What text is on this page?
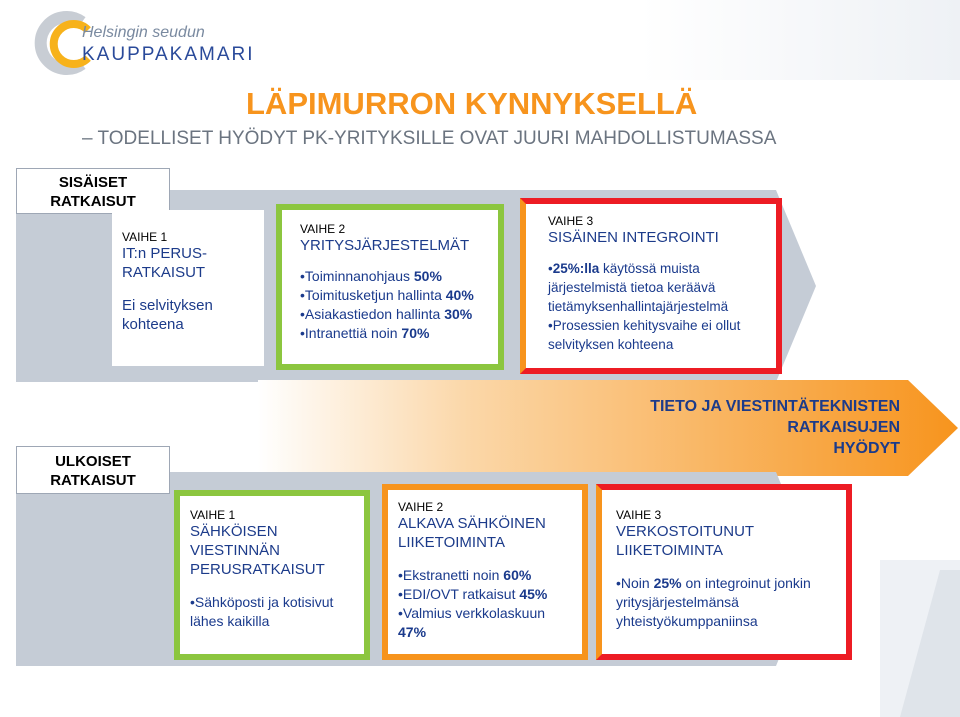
Helsingin seudun
KAUPPAKAMARI
LÄPIMURRON KYNNYKSELLÄ
– TODELLISET HYÖDYT PK-YRITYKSILLE OVAT JUURI MAHDOLLISTUMASSA
SISÄISET
RATKAISUT
VAIHE 1
IT:n PERUS-
RATKAISUT
Ei selvityksen
kohteena
VAIHE 2
YRITYSJÄRJESTELMÄT
• Toiminnanohjaus 50%
• Toimitusketjun hallinta 40%
• Asiakastiedon hallinta 30%
• Intranettiä noin 70%
VAIHE 3
SISÄINEN INTEGROINTI
•25%:lla käytössä muista järjestelmistä tietoa keräävä tietämyksenhallintajärjestelmä
•Prosessien kehitysvaihe ei ollut selvityksen kohteena
TIETO JA VIESTINTÄTEKNISTEN
RATKAISUJEN
HYÖDYT
ULKOISET
RATKAISUT
VAIHE 1
SÄHKÖISEN
VIESTINNÄN
PERUSRATKAISUT
•Sähköposti ja kotisivut lähes kaikilla
VAIHE 2
ALKAVA SÄHKÖINEN
LIIKETOIMINTA
• Ekstranetti noin 60%
• EDI/OVT ratkaisut 45%
• Valmius verkkolaskuun 47%
VAIHE 3
VERKOSTOITUNUT
LIIKETOIMINTA
•Noin 25% on integroinut jonkin yritysjärjestelmänsä yhteistyökumppaniinsa
